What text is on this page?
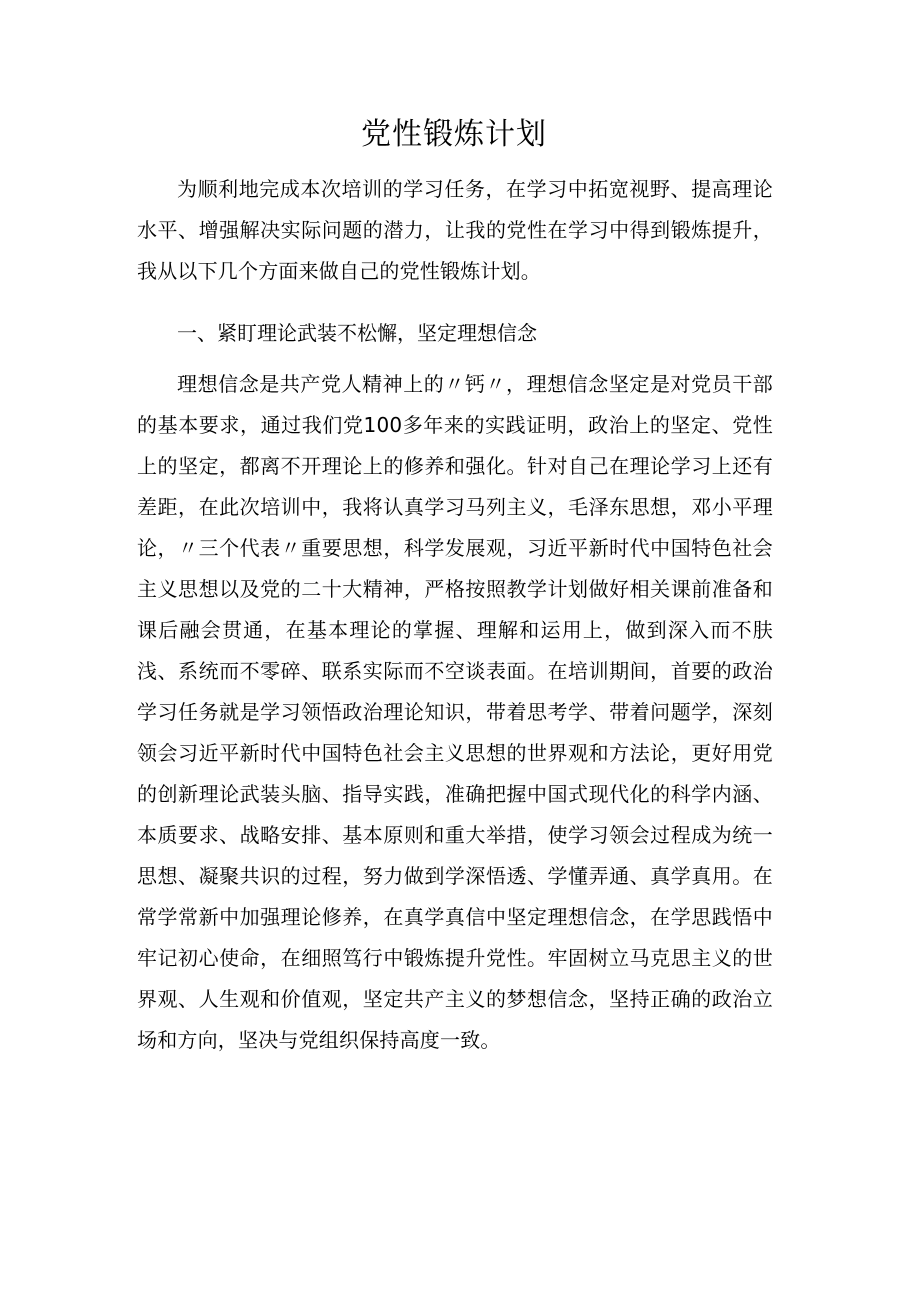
党性锻炼计划

为顺利地完成本次培训的学习任务，在学习中拓宽视野、提高理论水平、增强解决实际问题的潜力，让我的党性在学习中得到锻炼提升，我从以下几个方面来做自己的党性锻炼计划。

一、紧盯理论武装不松懈，坚定理想信念

理想信念是共产党人精神上的〃钙〃，理想信念坚定是对党员干部的基本要求，通过我们党100多年来的实践证明，政治上的坚定、党性上的坚定，都离不开理论上的修养和强化。针对自己在理论学习上还有差距，在此次培训中，我将认真学习马列主义，毛泽东思想，邓小平理论，〃三个代表〃重要思想，科学发展观，习近平新时代中国特色社会主义思想以及党的二十大精神，严格按照教学计划做好相关课前准备和课后融会贯通，在基本理论的掌握、理解和运用上，做到深入而不肤浅、系统而不零碎、联系实际而不空谈表面。在培训期间，首要的政治学习任务就是学习领悟政治理论知识，带着思考学、带着问题学，深刻领会习近平新时代中国特色社会主义思想的世界观和方法论，更好用党的创新理论武装头脑、指导实践，准确把握中国式现代化的科学内涵、本质要求、战略安排、基本原则和重大举措，使学习领会过程成为统一思想、凝聚共识的过程，努力做到学深悟透、学懂弄通、真学真用。在常学常新中加强理论修养，在真学真信中坚定理想信念，在学思践悟中牢记初心使命，在细照笃行中锻炼提升党性。牢固树立马克思主义的世界观、人生观和价值观，坚定共产主义的梦想信念，坚持正确的政治立场和方向，坚决与党组织保持高度一致。
